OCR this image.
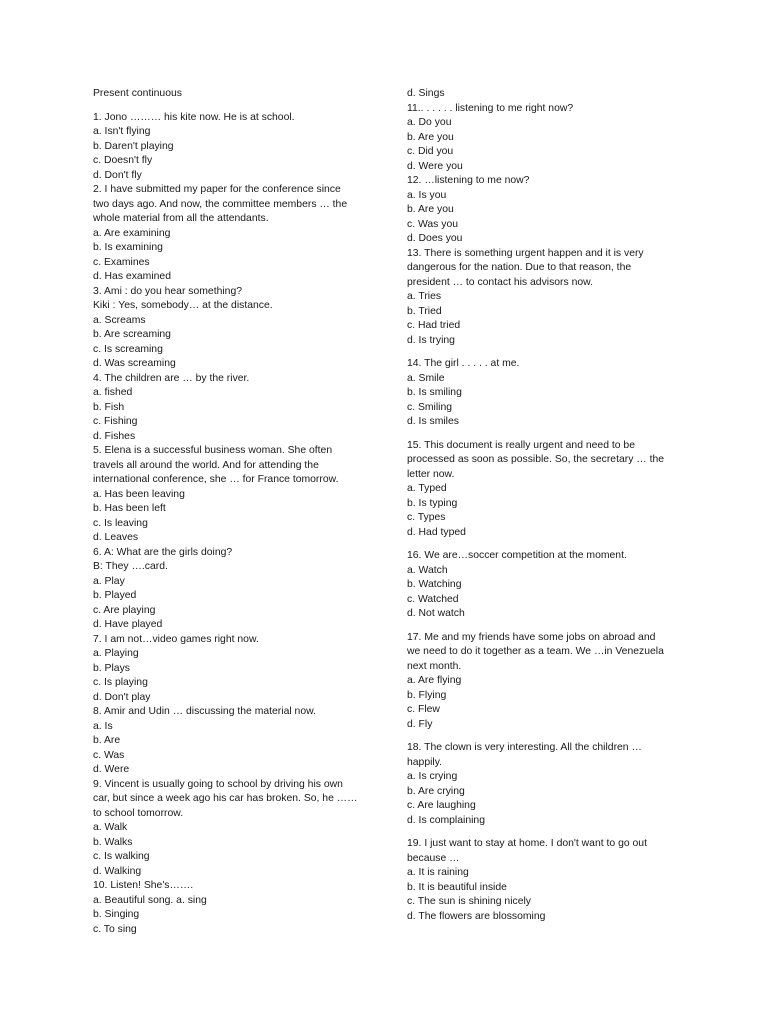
Present continuous
1. Jono ……… his kite now. He is at school.
a. Isn't flying
b. Daren't playing
c. Doesn't fly
d. Don't fly
2. I have submitted my paper for the conference since
two days ago. And now, the committee members … the
whole material from all the attendants.
a. Are examining
b. Is examining
c. Examines
d. Has examined
3. Ami : do you hear something?
Kiki : Yes, somebody… at the distance.
a. Screams
b. Are screaming
c. Is screaming
d. Was screaming
4. The children are … by the river.
a. fished
b. Fish
c. Fishing
d. Fishes
5. Elena is a successful business woman. She often
travels all around the world. And for attending the
international conference, she … for France tomorrow.
a. Has been leaving
b. Has been left
c. Is leaving
d. Leaves
6. A: What are the girls doing?
B: They ….card.
a. Play
b. Played
c. Are playing
d. Have played
7. I am not…video games right now.
a. Playing
b. Plays
c. Is playing
d. Don't play
8. Amir and Udin … discussing the material now.
a. Is
b. Are
c. Was
d. Were
9. Vincent is usually going to school by driving his own
car, but since a week ago his car has broken. So, he ……
to school tomorrow.
a. Walk
b. Walks
c. Is walking
d. Walking
10. Listen! She's…….
a. Beautiful song. a. sing
b. Singing
c. To sing
d. Sings
11.. . . . . . listening to me right now?
a. Do you
b. Are you
c. Did you
d. Were you
12. …listening to me now?
a. Is you
b. Are you
c. Was you
d. Does you
13. There is something urgent happen and it is very
dangerous for the nation. Due to that reason, the
president … to contact his advisors now.
a. Tries
b. Tried
c. Had tried
d. Is trying
14. The girl . . . . . at me.
a. Smile
b. Is smiling
c. Smiling
d. Is smiles
15. This document is really urgent and need to be
processed as soon as possible. So, the secretary … the
letter now.
a. Typed
b. Is typing
c. Types
d. Had typed
16. We are…soccer competition at the moment.
a. Watch
b. Watching
c. Watched
d. Not watch
17. Me and my friends have some jobs on abroad and
we need to do it together as a team. We …in Venezuela
next month.
a. Are flying
b. Flying
c. Flew
d. Fly
18. The clown is very interesting. All the children …
happily.
a. Is crying
b. Are crying
c. Are laughing
d. Is complaining
19. I just want to stay at home. I don't want to go out
because …
a. It is raining
b. It is beautiful inside
c. The sun is shining nicely
d. The flowers are blossoming
